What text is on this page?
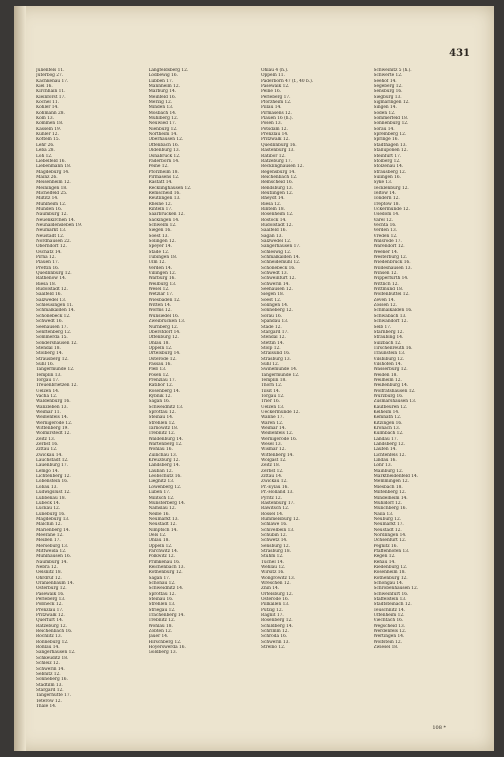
431
Julienfels 11.
Jüterbog 27.
Kachkenau 17.
Kiel 16.
Kirchhain 11.
Kleinforst 17.
Kochel 11.
Köhler 14.
Kohmann 28.
Köln 13.
Kommen 18.
Kasseln 19.
Kühler 12.
Kötteln 15.
Lehr 26.
Leba 28.
Löh 12.
Liebelfeld 16.
Liebenmann 18.
Magdeburg 14.
Mainz 26.
Meisenheim 12.
Meiningen 18.
Michelfeld 25.
Miltitz 14.
Mühlheim 12.
Münden 16.
Naumburg 12.
Neuenkirchen 14.
Neuhaldensleben 19.
Neumarkt 13.
Neustadt 12.
Nordhausen 22.
Oberndorf 12.
Oschatz 14.
Pirna 12.
Plauen 17.
Prettin 16.
Quedlinburg 12.
Rathenow 14.
Riesa 18.
Rudolstadt 12.
Saalfeld 16.
Salzwedel 13.
Schleusingen 11.
Schmalkalden 14.
Schönebeck 12.
Schwedt 16.
Seehausen 17.
Senftenberg 12.
Sömmerda 15.
Sondershausen 12.
Stendal 18.
Stolberg 14.
Strausberg 12.
Suhl 16.
Tangermünde 12.
Templin 13.
Torgau 17.
Treuenbrietzen 12.
Uelzen 14.
Vacha 12.
Waldenburg 16.
Wanzleben 13.
Weimar 11.
Weißenfels 14.
Wernigerode 12.
Wittenberg 19.
Wolmirstedt 12.
Zeitz 13.
Zerbst 16.
Zittau 12.
Zwickau 14.
Lauchstädt 12.
Lauenburg 17.
Lemgo 14.
Lichtenberg 12.
Lobenstein 16.
Löbau 13.
Ludwigslust 12.
Lübbenau 18.
Lübeck 14.
Luckau 12.
Lüneburg 16.
Magdeburg 13.
Malchin 12.
Marienberg 14.
Meerane 12.
Meißen 17.
Merseburg 13.
Mittweida 12.
Mühlhausen 16.
Naumburg 14.
Nebra 12.
Oelsnitz 18.
Ohrdruf 12.
Oranienbaum 14.
Osterburg 12.
Pasewalk 16.
Perleberg 13.
Pößneck 12.
Prenzlau 17.
Pritzwalk 12.
Querfurt 14.
Ratzeburg 12.
Reichenbach 16.
Rochlitz 13.
Ronneburg 12.
Roßlau 14.
Sangerhausen 12.
Schkeuditz 18.
Schleiz 12.
Schwerin 14.
Sebnitz 12.
Sonneberg 16.
Stadtilm 13.
Stargard 12.
Tangerhütte 17.
Teterow 12.
Thale 14.
Langfeldsberg 12.
Lodbewig 16.
Lübben 17.
Mannheim 12.
Marburg 14.
Meinfeld 16.
Merzig 12.
Minden 13.
Mosbach 14.
Mühlberg 12.
Neuwied 17.
Nienburg 12.
Northeim 14.
Oberhausen 12.
Offenbach 16.
Oldenburg 13.
Osnabrück 12.
Paderborn 14.
Peine 12.
Pforzheim 18.
Pirmasens 12.
Rastatt 14.
Recklinghausen 12.
Remscheid 16.
Reutlingen 13.
Rheine 12.
Rinteln 17.
Saarbrücken 12.
Säckingen 14.
Schwelm 12.
Siegen 16.
Soest 13.
Solingen 12.
Speyer 14.
Stade 12.
Tübingen 18.
Ulm 12.
Verden 14.
Villingen 12.
Warburg 16.
Weilburg 13.
Wesel 12.
Wetzlar 17.
Wiesbaden 12.
Witten 14.
Worms 12.
Wunsiedel 16.
Zweibrücken 13.
Nürnberg 12.
Oberstdorf 14.
Offenburg 12.
Ohlau 18.
Oppeln 12.
Ortelsburg 14.
Osterode 12.
Passau 16.
Pleß 13.
Posen 12.
Prenzlau 17.
Ratibor 12.
Rosenberg 14.
Rybnik 12.
Sagan 16.
Schweidnitz 13.
Sprottau 12.
Steinau 14.
Strehlen 12.
Tarnowitz 18.
Trebnitz 12.
Waldenburg 14.
Wartenberg 12.
Wohlau 16.
Züllichau 13.
Kreuzburg 12.
Landsberg 14.
Lauban 12.
Leobschütz 16.
Liegnitz 13.
Löwenberg 12.
Lüben 17.
Militsch 12.
Münsterberg 14.
Namslau 12.
Neiße 16.
Neumarkt 13.
Neustadt 12.
Nimptsch 14.
Oels 12.
Ohlau 18.
Oppeln 12.
Parchwitz 14.
Polkwitz 12.
Primkenau 16.
Reichenbach 13.
Rothenburg 12.
Sagan 17.
Schönau 12.
Schweidnitz 14.
Sprottau 12.
Steinau 16.
Strehlen 13.
Striegau 12.
Trachenberg 14.
Trebnitz 12.
Wohlau 18.
Zobten 12.
Jauer 14.
Hirschberg 12.
Hoyerswerda 16.
Goldberg 13.
Ohlau 4 (h.).
Oppeln 11.
Paderborn 47 (f., 40 b.).
Pasewalk 12.
Peine 16.
Perleberg 17.
Pforzheim 12.
Pillau 14.
Pirmasens 12.
Plauen 16 (h.).
Posen 13.
Potsdam 12.
Prenzlau 14.
Pritzwalk 12.
Quedlinburg 16.
Rastenburg 13.
Ratibor 12.
Ratzeburg 17.
Recklinghausen 12.
Regensburg 14.
Reichenbach 12.
Remscheid 16.
Rendsburg 13.
Reutlingen 12.
Rheydt 14.
Riesa 12.
Rinteln 18.
Rosenheim 12.
Rostock 14.
Rudolstadt 12.
Saalfeld 16.
Sagan 13.
Salzwedel 12.
Sangerhausen 17.
Schleswig 12.
Schmalkalden 14.
Schneidemühl 12.
Schönebeck 16.
Schwedt 13.
Schweinfurt 12.
Schwerin 14.
Seehausen 12.
Siegen 18.
Soest 12.
Solingen 14.
Sonneberg 12.
Sorau 16.
Spandau 13.
Stade 12.
Stargard 17.
Stendal 12.
Stettin 14.
Stolp 12.
Stralsund 16.
Strasburg 13.
Suhl 12.
Swinemünde 14.
Tangermünde 12.
Templin 18.
Thorn 12.
Tilsit 14.
Torgau 12.
Trier 16.
Uelzen 13.
Ueckermünde 12.
Wanne 17.
Waren 12.
Weimar 14.
Weißenfels 12.
Wernigerode 16.
Wesel 13.
Wismar 12.
Wittenberg 14.
Wolgast 12.
Zeitz 18.
Zerbst 12.
Zittau 14.
Zwickau 12.
Pr.-Eylau 16.
Pr.-Holland 13.
Pyritz 12.
Rastenburg 17.
Rawitsch 12.
Rössel 14.
Rummelsburg 12.
Schlawe 16.
Schivelbein 13.
Schubin 12.
Schwetz 14.
Sensburg 12.
Strasburg 18.
Stuhm 12.
Tuchel 14.
Wehlau 12.
Wirsitz 16.
Wongrowitz 13.
Wreschen 12.
Znin 14.
Ortelsburg 12.
Osterode 16.
Pillkallen 13.
Putzig 12.
Ragnit 17.
Rosenberg 12.
Schildberg 14.
Schrimm 12.
Schroda 16.
Schwerin 13.
Strelno 12.
Schweinitz 5 (h.).
Schwerte 12.
Seehof 14.
Segeberg 12.
Sensburg 16.
Siegburg 13.
Sigmaringen 12.
Singen 14.
Soden 12.
Sommerfeld 18.
Sonnenburg 12.
Sorau 14.
Spremberg 12.
Springe 16.
Stadthagen 13.
Stallupönen 12.
Steinfurt 17.
Stolberg 12.
Stolzenau 14.
Strausberg 12.
Sulingen 16.
Syke 13.
Tecklenburg 12.
Teltow 14.
Tondern 12.
Treptow 18.
Uckermünde 12.
Usedom 14.
Varel 12.
Vechta 16.
Verden 13.
Vreden 12.
Walsrode 17.
Warendorf 12.
Weener 14.
Westerburg 12.
Wiedenbrück 16.
Wildeshausen 13.
Winsen 12.
Wipperfürth 14.
Wittlich 12.
Wittmund 18.
Wolfenbüttel 12.
Zeven 14.
Zossen 12.
Schmalkalden 16.
Schwabach 13.
Schwandorf 12.
Selb 17.
Starnberg 12.
Straubing 14.
Sulzbach 12.
Tirschenreuth 16.
Traunstein 13.
Vilsbiburg 12.
Vilshofen 14.
Wasserburg 12.
Weiden 18.
Weilheim 12.
Weißenburg 14.
Wolfratshausen 12.
Würzburg 16.
Zusmarshausen 13.
Kaufbeuren 12.
Kelheim 14.
Kemnath 12.
Kitzingen 16.
Kronach 13.
Kulmbach 12.
Landau 17.
Landsberg 12.
Laufen 14.
Lichtenfels 12.
Lindau 16.
Lohr 13.
Mainburg 12.
Marktheidenfeld 14.
Memmingen 12.
Miesbach 18.
Miltenberg 12.
Mindelheim 14.
Mühldorf 12.
Münchberg 16.
Naila 13.
Neuburg 12.
Neumarkt 17.
Neustadt 12.
Nördlingen 14.
Ochsenfurt 12.
Pegnitz 16.
Pfaffenhofen 13.
Regen 12.
Rehau 14.
Riedenburg 12.
Rosenheim 18.
Rothenburg 12.
Schongau 14.
Schrobenhausen 12.
Schweinfurt 16.
Staffelstein 13.
Stadtsteinach 12.
Teuschnitz 14.
Uffenheim 12.
Viechtach 16.
Wegscheid 13.
Werdenfels 12.
Wertingen 14.
Wolfstein 12.
Zwiesel 18.
108 *
